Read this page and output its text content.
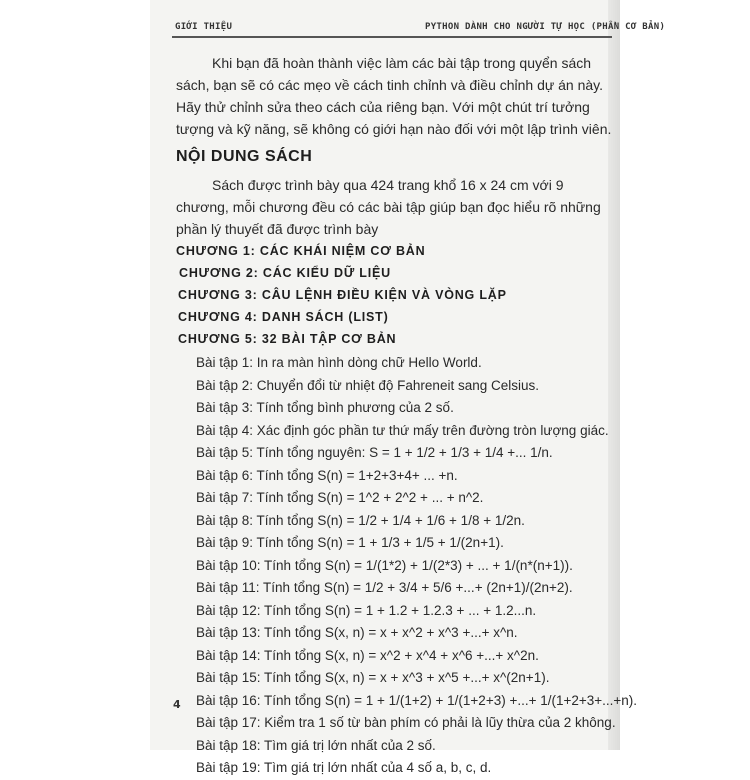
GIỚI THIỆU	PYTHON DÀNH CHO NGƯỜI TỰ HỌC (PHẦN CƠ BẢN)

Khi bạn đã hoàn thành việc làm các bài tập trong quyển sách sách, bạn sẽ có các mẹo về cách tinh chỉnh và điều chỉnh dự án này. Hãy thử chỉnh sửa theo cách của riêng bạn. Với một chút trí tưởng tượng và kỹ năng, sẽ không có giới hạn nào đối với một lập trình viên.

NỘI DUNG SÁCH

Sách được trình bày qua 424 trang khổ 16 x 24 cm với 9 chương, mỗi chương đều có các bài tập giúp bạn đọc hiểu rõ những phần lý thuyết đã được trình bày

CHƯƠNG 1: CÁC KHÁI NIỆM CƠ BẢN

CHƯƠNG 2: CÁC KIỂU DỮ LIỆU

CHƯƠNG 3: CÂU LỆNH ĐIỀU KIỆN VÀ VÒNG LẶP

CHƯƠNG 4: DANH SÁCH (LIST)

CHƯƠNG 5: 32 BÀI TẬP CƠ BẢN

Bài tập 1: In ra màn hình dòng chữ Hello World.

Bài tập 2: Chuyển đổi từ nhiệt độ Fahreneit sang Celsius.

Bài tập 3: Tính tổng bình phương của 2 số.

Bài tập 4: Xác định góc phần tư thứ mấy trên đường tròn lượng giác.

Bài tập 5: Tính tổng nguyên: S = 1 + 1/2 + 1/3 + 1/4 +... 1/n.

Bài tập 6: Tính tổng S(n) = 1+2+3+4+ ... +n.

Bài tập 7: Tính tổng S(n) = 1^2 + 2^2 + ... + n^2.

Bài tập 8: Tính tổng S(n) = 1/2 + 1/4 + 1/6 + 1/8 + 1/2n.

Bài tập 9: Tính tổng S(n) = 1 + 1/3 + 1/5 + 1/(2n+1).

Bài tập 10: Tính tổng S(n) = 1/(1*2) + 1/(2*3) + ... + 1/(n*(n+1)).

Bài tập 11: Tính tổng S(n) = 1/2 + 3/4 + 5/6 +...+ (2n+1)/(2n+2).

Bài tập 12: Tính tổng S(n) = 1 + 1.2 + 1.2.3 + ... + 1.2...n.

Bài tập 13: Tính tổng S(x, n) = x + x^2 + x^3 +...+ x^n.

Bài tập 14: Tính tổng S(x, n) = x^2 + x^4 + x^6 +...+ x^2n.

Bài tập 15: Tính tổng S(x, n) = x + x^3 + x^5 +...+ x^(2n+1).

Bài tập 16: Tính tổng S(n) = 1 + 1/(1+2) + 1/(1+2+3) +...+ 1/(1+2+3+...+n).

Bài tập 17: Kiểm tra 1 số từ bàn phím có phải là lũy thừa của 2 không.

Bài tập 18: Tìm giá trị lớn nhất của 2 số.

Bài tập 19: Tìm giá trị lớn nhất của 4 số a, b, c, d.

4
